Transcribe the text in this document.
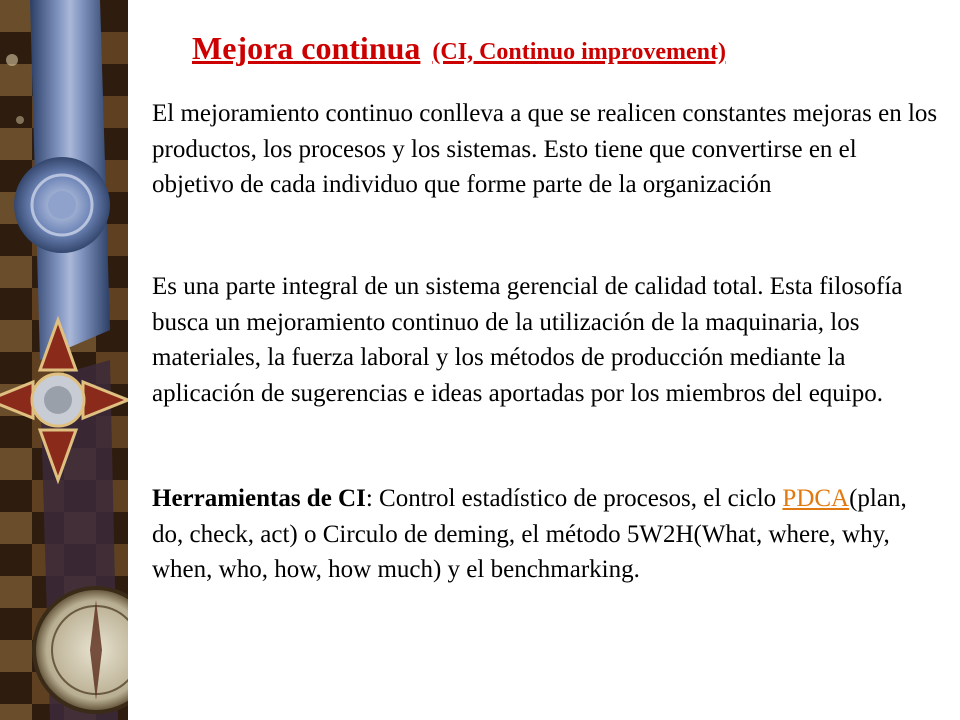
Mejora continua (CI, Continuo improvement)

El mejoramiento continuo conlleva a que se realicen constantes mejoras en los productos, los procesos y los sistemas. Esto tiene que convertirse en el objetivo de cada individuo que forme parte de la organización

Es una parte integral de un sistema gerencial de calidad total. Esta filosofía busca un mejoramiento continuo de la utilización de la maquinaria, los materiales, la fuerza laboral y los métodos de producción mediante la aplicación de sugerencias e ideas aportadas por los miembros del equipo.

Herramientas de CI: Control estadístico de procesos, el ciclo PDCA(plan, do, check, act) o Circulo de deming, el método 5W2H(What, where, why, when, who, how, how much) y el benchmarking.
